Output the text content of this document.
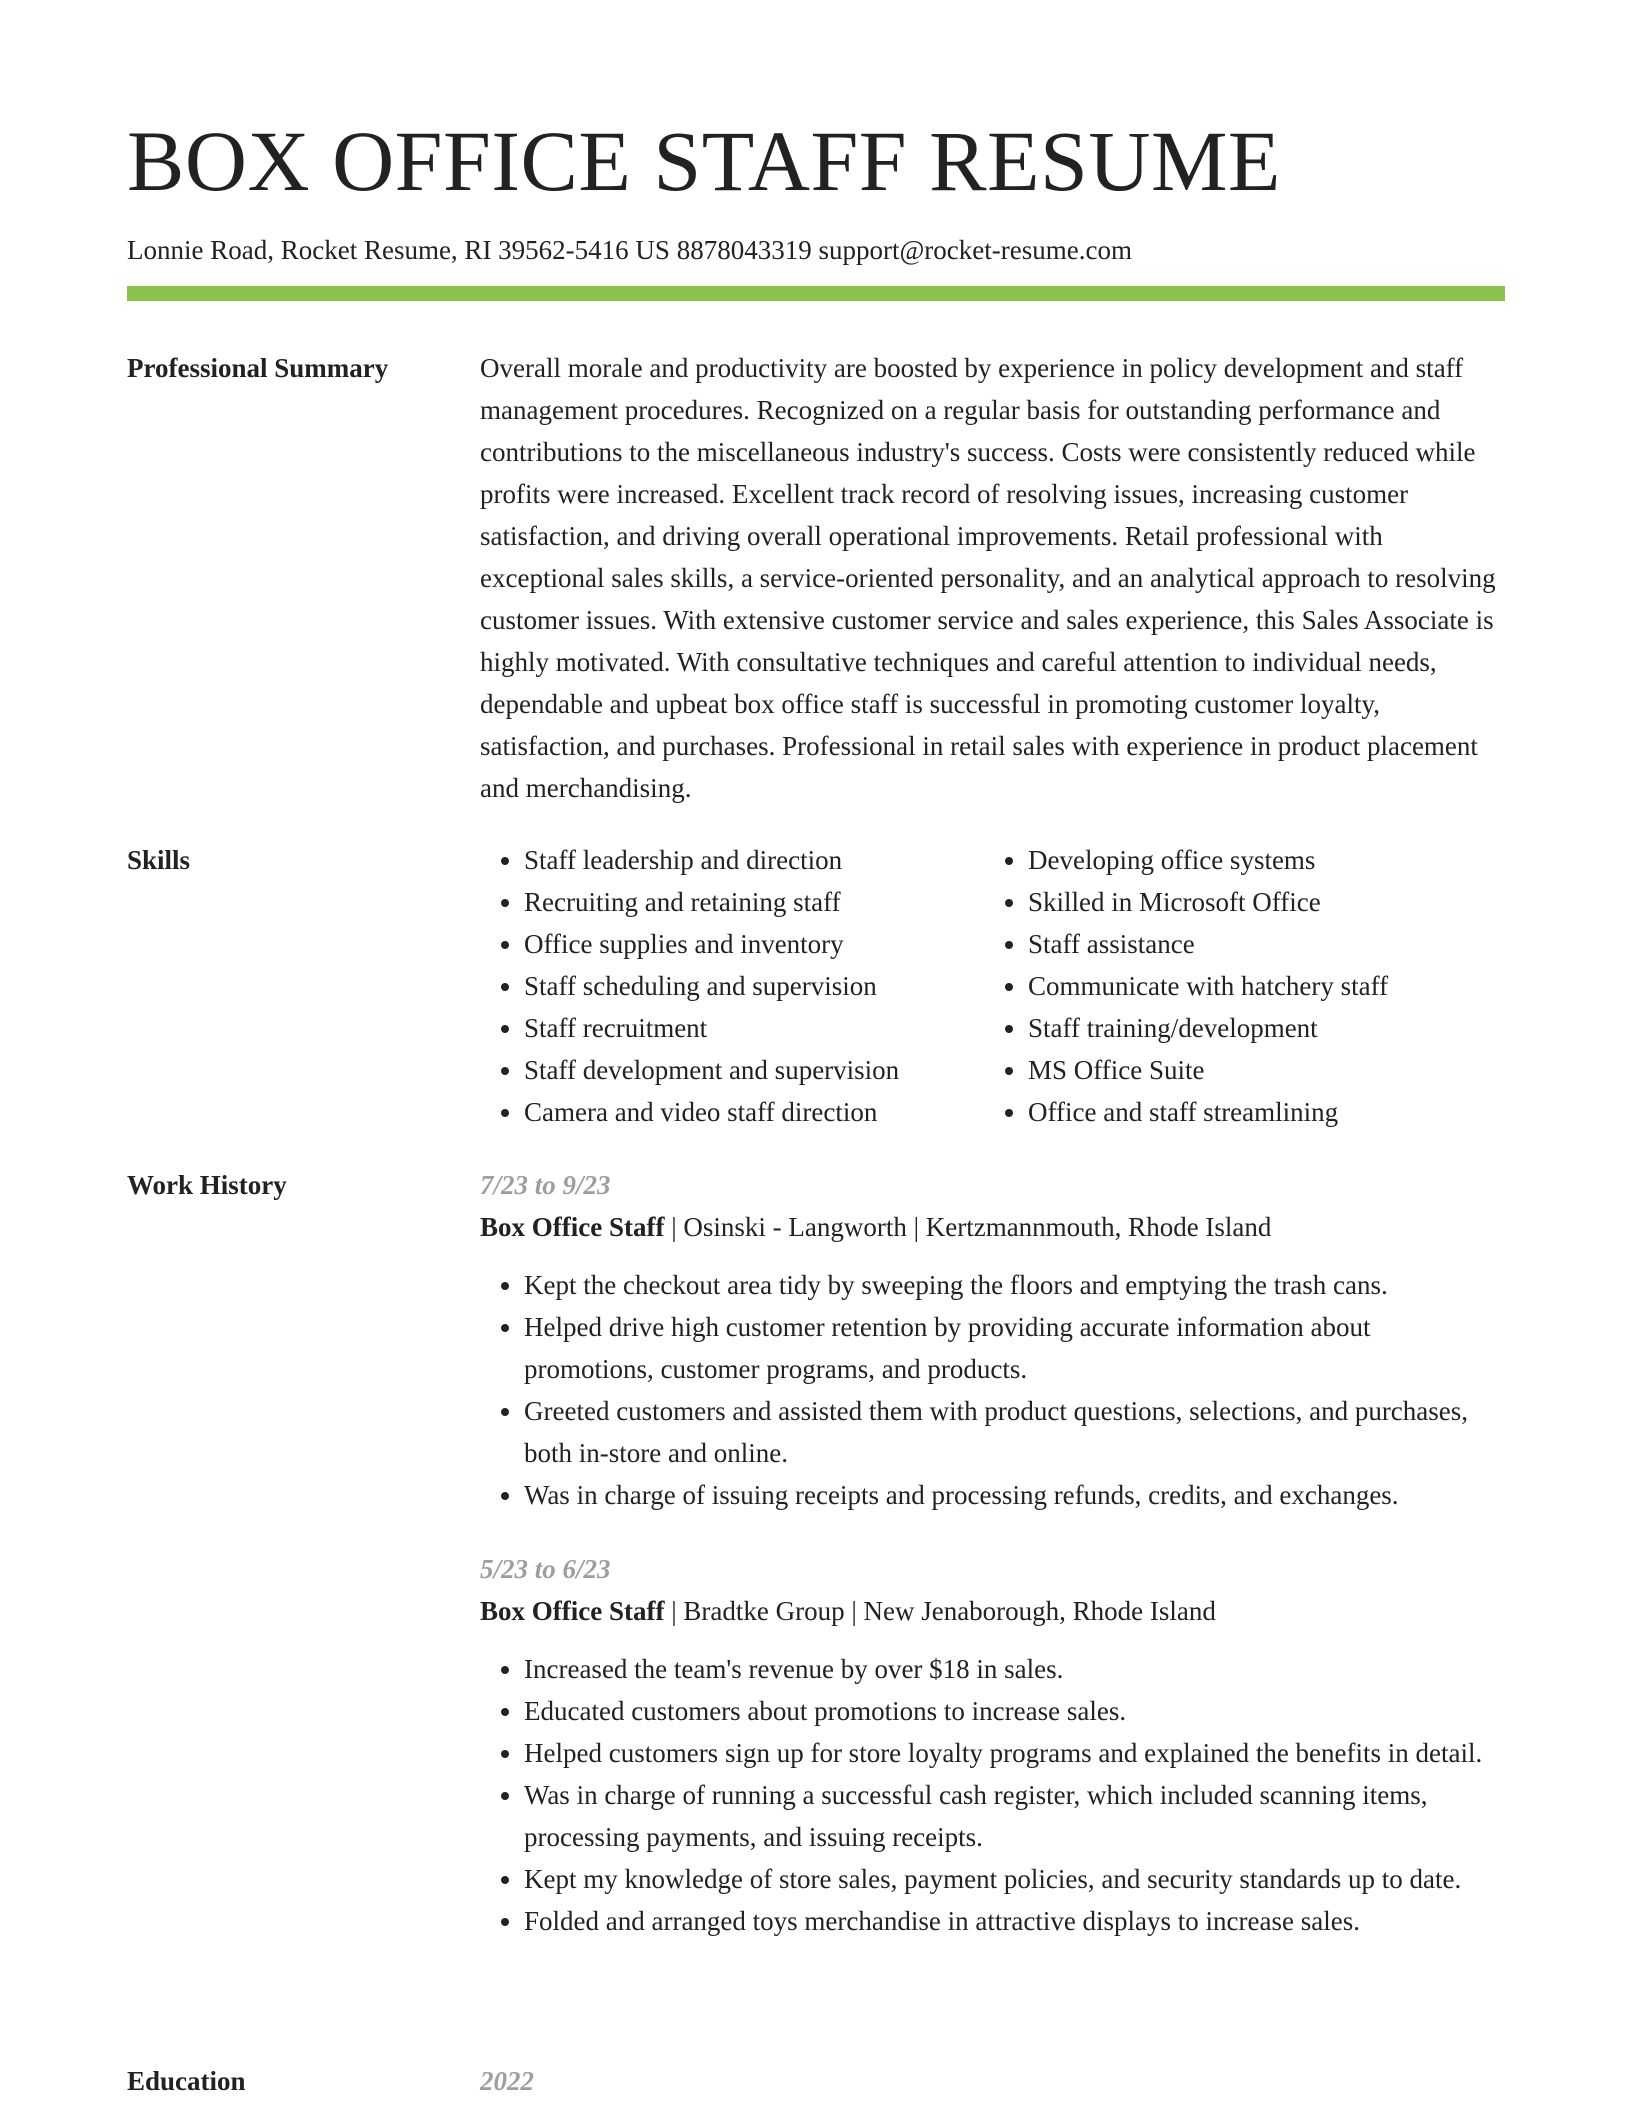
BOX OFFICE STAFF RESUME
Lonnie Road, Rocket Resume, RI 39562-5416 US 8878043319 support@rocket-resume.com
Professional Summary	Overall morale and productivity are boosted by experience in policy development and staff management procedures. Recognized on a regular basis for outstanding performance and contributions to the miscellaneous industry's success. Costs were consistently reduced while profits were increased. Excellent track record of resolving issues, increasing customer satisfaction, and driving overall operational improvements. Retail professional with exceptional sales skills, a service-oriented personality, and an analytical approach to resolving customer issues. With extensive customer service and sales experience, this Sales Associate is highly motivated. With consultative techniques and careful attention to individual needs, dependable and upbeat box office staff is successful in promoting customer loyalty, satisfaction, and purchases. Professional in retail sales with experience in product placement and merchandising.

Skills
•	Staff leadership and direction
• Recruiting and retaining staff
• Office supplies and inventory
• Staff scheduling and supervision
• Staff recruitment
• Staff development and supervision
• Camera and video staff direction
• Developing office systems
• Skilled in Microsoft Office
• Staff assistance
• Communicate with hatchery staff
• Staff training/development
• MS Office Suite
• Office and staff streamlining
Work History	7/23 to 9/23
Box Office Staff | Osinski - Langworth | Kertzmannmouth, Rhode Island
• Kept the checkout area tidy by sweeping the floors and emptying the trash cans.
• Helped drive high customer retention by providing accurate information about promotions, customer programs, and products.
• Greeted customers and assisted them with product questions, selections, and purchases, both in-store and online.
• Was in charge of issuing receipts and processing refunds, credits, and exchanges.
5/23 to 6/23
Box Office Staff | Bradtke Group | New Jenaborough, Rhode Island
• Increased the team's revenue by over $18 in sales.
• Educated customers about promotions to increase sales.
• Helped customers sign up for store loyalty programs and explained the benefits in detail.
• Was in charge of running a successful cash register, which included scanning items, processing payments, and issuing receipts.
• Kept my knowledge of store sales, payment policies, and security standards up to date.
• Folded and arranged toys merchandise in attractive displays to increase sales.
Education	2022
